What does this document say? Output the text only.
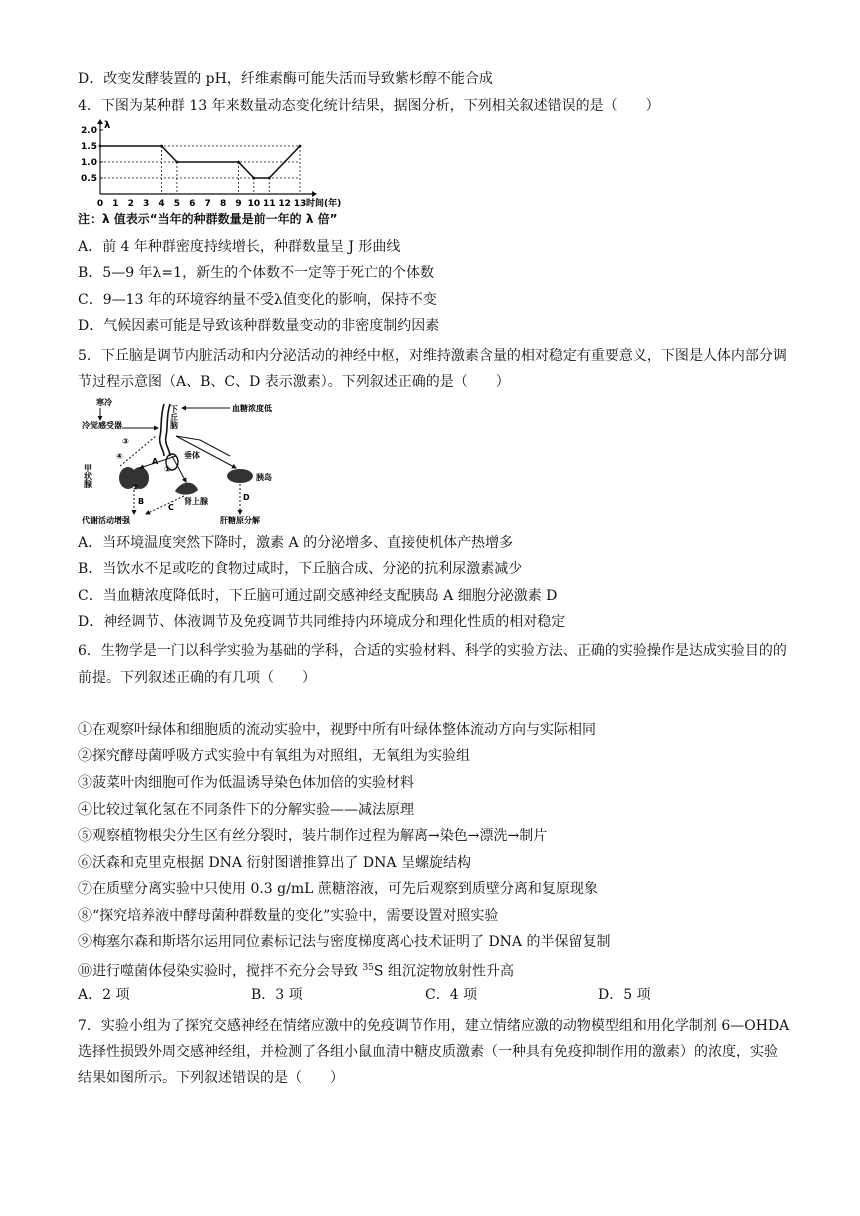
D．改变发酵装置的 pH，纤维素酶可能失活而导致紫杉醇不能合成
4．下图为某种群 13 年来数量动态变化统计结果，据图分析，下列相关叙述错误的是（　　）
λ
0.5
1.0
1.5
2.0
0 1 2 3 4 5 6 7 8 9 10 11 12 13 时间(年)
注：λ 值表示“当年的种群数量是前一年的 λ 倍”
A．前 4 年种群密度持续增长，种群数量呈 J 形曲线
B．5—9 年λ=1，新生的个体数不一定等于死亡的个体数
C．9—13 年的环境容纳量不受λ值变化的影响，保持不变
D．气候因素可能是导致该种群数量变动的非密度制约因素
5．下丘脑是调节内脏活动和内分泌活动的神经中枢，对维持激素含量的相对稳定有重要意义，下图是人体内部分调节过程示意图（A、B、C、D 表示激素）。下列叙述正确的是（　　）
寒冷
冷觉感受器	下丘脑	血糖浓度低
垂体
甲状腺
肾上腺
胰岛
代谢活动增强	肝糖原分解
A
B
C
D
③
④
①
②
A．当环境温度突然下降时，激素 A 的分泌增多、直接使机体产热增多
B．当饮水不足或吃的食物过咸时，下丘脑合成、分泌的抗利尿激素减少
C．当血糖浓度降低时，下丘脑可通过副交感神经支配胰岛 A 细胞分泌激素 D
D．神经调节、体液调节及免疫调节共同维持内环境成分和理化性质的相对稳定
6．生物学是一门以科学实验为基础的学科，合适的实验材料、科学的实验方法、正确的实验操作是达成实验目的的前提。下列叙述正确的有几项（　　）
①在观察叶绿体和细胞质的流动实验中，视野中所有叶绿体整体流动方向与实际相同
②探究酵母菌呼吸方式实验中有氧组为对照组，无氧组为实验组
③菠菜叶肉细胞可作为低温诱导染色体加倍的实验材料
④比较过氧化氢在不同条件下的分解实验——减法原理
⑤观察植物根尖分生区有丝分裂时，装片制作过程为解离→染色→漂洗→制片
⑥沃森和克里克根据 DNA 衍射图谱推算出了 DNA 呈螺旋结构
⑦在质壁分离实验中只使用 0.3 g/mL 蔗糖溶液，可先后观察到质壁分离和复原现象
⑧“探究培养液中酵母菌种群数量的变化”实验中，需要设置对照实验
⑨梅塞尔森和斯塔尔运用同位素标记法与密度梯度离心技术证明了 DNA 的半保留复制
⑩进行噬菌体侵染实验时，搅拌不充分会导致 $^{35}$S 组沉淀物放射性升高
A．2 项	B．3 项	C．4 项	D．5 项
7．实验小组为了探究交感神经在情绪应激中的免疫调节作用，建立情绪应激的动物模型组和用化学制剂 6—OHDA 选择性损毁外周交感神经组，并检测了各组小鼠血清中糖皮质激素（一种具有免疫抑制作用的激素）的浓度，实验结果如图所示。下列叙述错误的是（　　）
